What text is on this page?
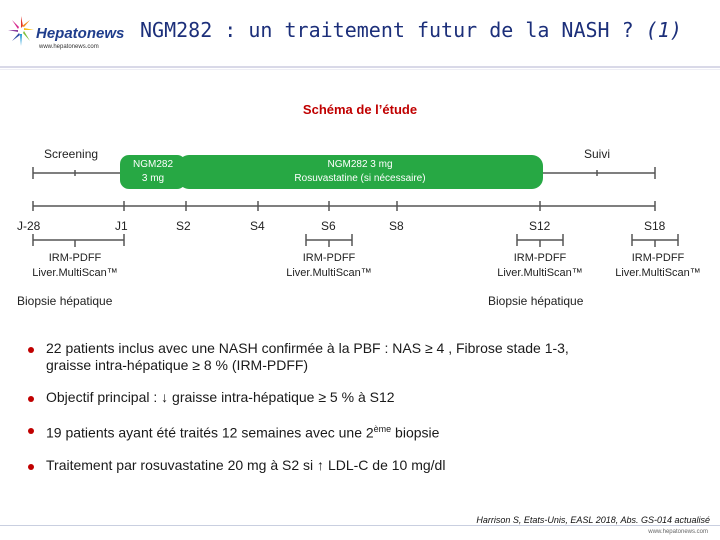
Hepatonews
www.hepatonews.com
NGM282 : un traitement futur de la NASH ? (1)
Schéma de l’étude
Screening	Suivi
NGM282
3 mg
NGM282 3 mg
Rosuvastatine (si nécessaire)
J-28	J1	S2	S4	S6	S8	S12	S18
IRM-PDFF
Liver.MultiScan™
IRM-PDFF
Liver.MultiScan™
IRM-PDFF
Liver.MultiScan™
IRM-PDFF
Liver.MultiScan™
Biopsie hépatique	Biopsie hépatique
22 patients inclus avec une NASH confirmée à la PBF : NAS ≥ 4 , Fibrose stade 1-3,
graisse intra-hépatique ≥ 8 % (IRM-PDFF)
Objectif principal : ↓ graisse intra-hépatique ≥ 5 % à S12
19 patients ayant été traités 12 semaines avec une 2ème biopsie
Traitement par rosuvastatine 20 mg à S2 si ↑ LDL-C de 10 mg/dl
Harrison S, Etats-Unis, EASL 2018, Abs. GS-014 actualisé
www.hepatonews.com
